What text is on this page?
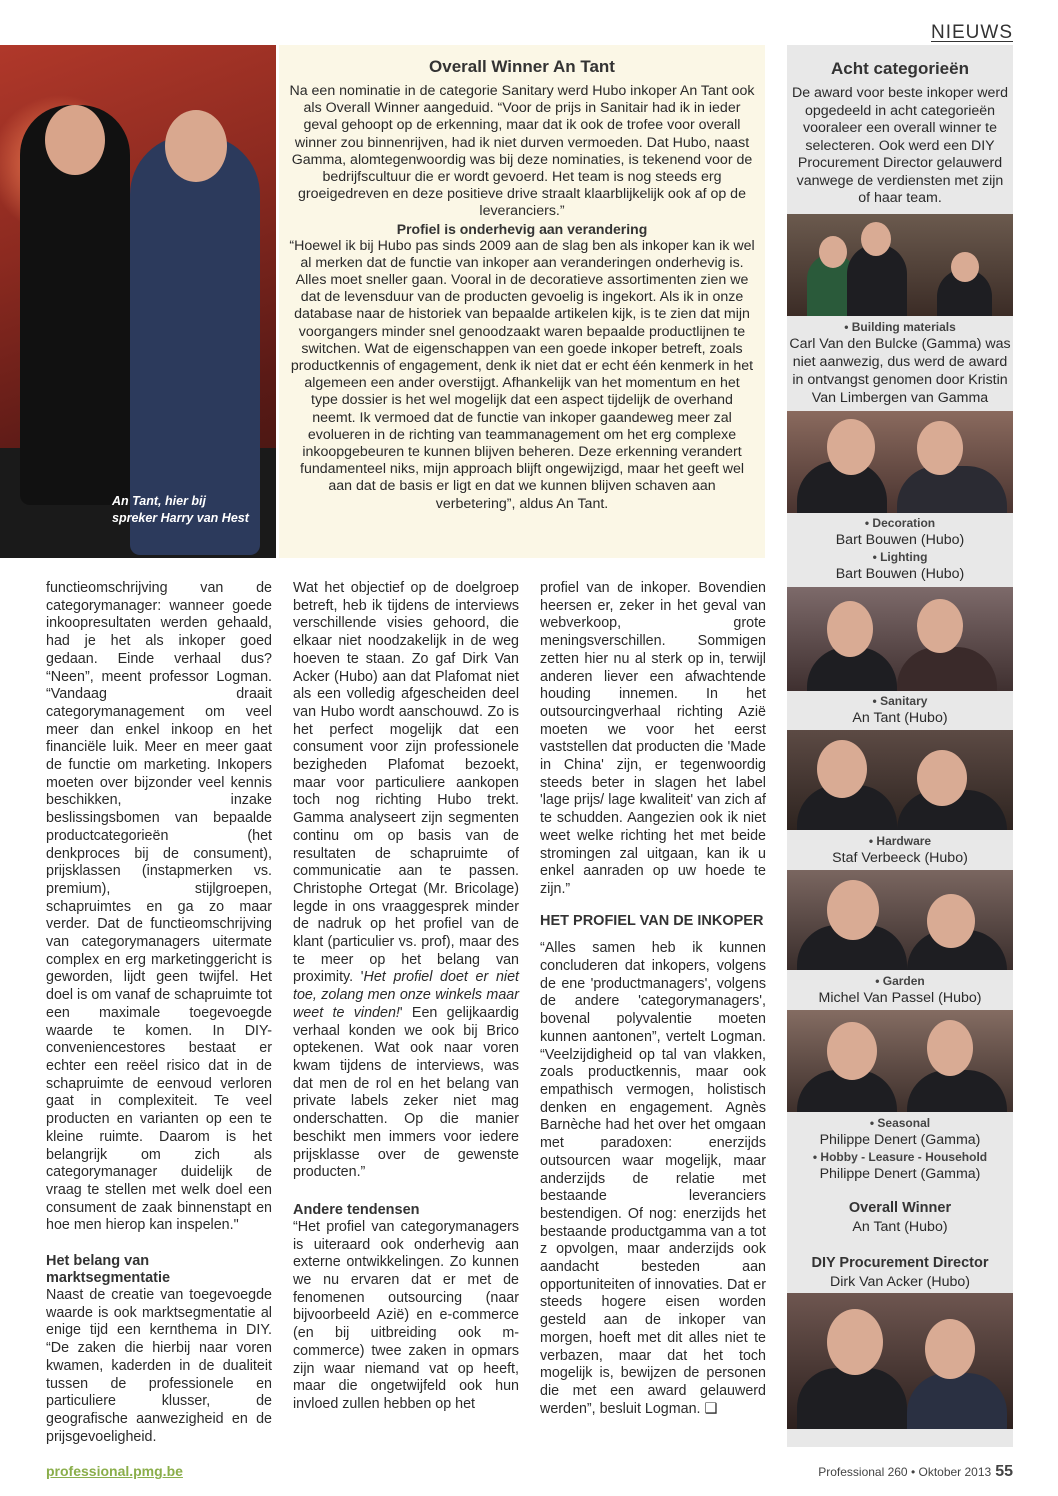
NIEUWS
An Tant, hier bij
spreker Harry van Hest
Overall Winner An Tant

Na een nominatie in de categorie Sanitary werd Hubo inkoper An Tant ook als Overall Winner aangeduid. “Voor de prijs in Sanitair had ik in ieder geval gehoopt op de erkenning, maar dat ik ook de trofee voor overall winner zou binnenrijven, had ik niet durven vermoeden. Dat Hubo, naast Gamma, alomtegenwoordig was bij deze nominaties, is tekenend voor de bedrijfscultuur die er wordt gevoerd. Het team is nog steeds erg groeigedreven en deze positieve drive straalt klaarblijkelijk ook af op de leveranciers.”

Profiel is onderhevig aan verandering

“Hoewel ik bij Hubo pas sinds 2009 aan de slag ben als inkoper kan ik wel al merken dat de functie van inkoper aan veranderingen onderhevig is. Alles moet sneller gaan. Vooral in de decoratieve assortimenten zien we dat de levensduur van de producten gevoelig is ingekort. Als ik in onze database naar de historiek van bepaalde artikelen kijk, is te zien dat mijn voorgangers minder snel genoodzaakt waren bepaalde productlijnen te switchen. Wat de eigenschappen van een goede inkoper betreft, zoals productkennis of engagement, denk ik niet dat er echt één kenmerk in het algemeen een ander overstijgt. Afhankelijk van het momentum en het type dossier is het wel mogelijk dat een aspect tijdelijk de overhand neemt. Ik vermoed dat de functie van inkoper gaandeweg meer zal evolueren in de richting van teammanagement om het erg complexe inkoopgebeuren te kunnen blijven beheren. Deze erkenning verandert fundamenteel niks, mijn approach blijft ongewijzigd, maar het geeft wel aan dat de basis er ligt en dat we kunnen blijven schaven aan verbetering”, aldus An Tant.

Acht categorieën

De award voor beste inkoper werd opgedeeld in acht categorieën vooraleer een overall winner te selecteren. Ook werd een DIY Procurement Director gelauwerd vanwege de verdiensten met zijn of haar team.

• Building materials
Carl Van den Bulcke (Gamma) was niet aanwezig, dus werd de award in ontvangst genomen door Kristin Van Limbergen van Gamma
• Decoration
Bart Bouwen (Hubo)
• Lighting
Bart Bouwen (Hubo)
• Sanitary
An Tant (Hubo)
• Hardware
Staf Verbeeck (Hubo)
• Garden
Michel Van Passel (Hubo)
• Seasonal
Philippe Denert (Gamma)
• Hobby - Leasure - Household
Philippe Denert (Gamma)
Overall Winner
An Tant (Hubo)
DIY Procurement Director
Dirk Van Acker (Hubo)

functieomschrijving van de categorymanager: wanneer goede inkoopresultaten werden gehaald, had je het als inkoper goed gedaan. Einde verhaal dus? “Neen”, meent professor Logman. “Vandaag draait categorymanagement om veel meer dan enkel inkoop en het financiële luik. Meer en meer gaat de functie om marketing. Inkopers moeten over bijzonder veel kennis beschikken, inzake beslissingsbomen van bepaalde productcategorieën (het denkproces bij de consument), prijsklassen (instapmerken vs. premium), stijlgroepen, schapruimtes en ga zo maar verder. Dat de functieomschrijving van categorymanagers uitermate complex en erg marketinggericht is geworden, lijdt geen twijfel. Het doel is om vanaf de schapruimte tot een maximale toegevoegde waarde te komen. In DIY-conveniencestores bestaat er echter een reëel risico dat in de schapruimte de eenvoud verloren gaat in complexiteit. Te veel producten en varianten op een te kleine ruimte. Daarom is het belangrijk om zich als categorymanager duidelijk de vraag te stellen met welk doel een consument de zaak binnenstapt en hoe men hierop kan inspelen."

Het belang van marktsegmentatie

Naast de creatie van toegevoegde waarde is ook marktsegmentatie al enige tijd een kernthema in DIY. “De zaken die hierbij naar voren kwamen, kaderden in de dualiteit tussen de professionele en particuliere klusser, de geografische aanwezigheid en de prijsgevoeligheid.

Wat het objectief op de doelgroep betreft, heb ik tijdens de interviews verschillende visies gehoord, die elkaar niet noodzakelijk in de weg hoeven te staan. Zo gaf Dirk Van Acker (Hubo) aan dat Plafomat niet als een volledig afgescheiden deel van Hubo wordt aanschouwd. Zo is het perfect mogelijk dat een consument voor zijn professionele bezigheden Plafomat bezoekt, maar voor particuliere aankopen toch nog richting Hubo trekt. Gamma analyseert zijn segmenten continu om op basis van de resultaten de schapruimte of communicatie aan te passen. Christophe Ortegat (Mr. Bricolage) legde in ons vraaggesprek minder de nadruk op het profiel van de klant (particulier vs. prof), maar des te meer op het belang van proximity. 'Het profiel doet er niet toe, zolang men onze winkels maar weet te vinden!' Een gelijkaardig verhaal konden we ook bij Brico optekenen. Wat ook naar voren kwam tijdens de interviews, was dat men de rol en het belang van private labels zeker niet mag onderschatten. Op die manier beschikt men immers voor iedere prijsklasse over de gewenste producten.”

Andere tendensen

“Het profiel van categorymanagers is uiteraard ook onderhevig aan externe ontwikkelingen. Zo kunnen we nu ervaren dat er met de fenomenen outsourcing (naar bijvoorbeeld Azië) en e-commerce (en bij uitbreiding ook m-commerce) twee zaken in opmars zijn waar niemand vat op heeft, maar die ongetwijfeld ook hun invloed zullen hebben op het

profiel van de inkoper. Bovendien heersen er, zeker in het geval van webverkoop, grote meningsverschillen. Sommigen zetten hier nu al sterk op in, terwijl anderen liever een afwachtende houding innemen. In het outsourcingverhaal richting Azië moeten we voor het eerst vaststellen dat producten die 'Made in China' zijn, er tegenwoordig steeds beter in slagen het label 'lage prijs/ lage kwaliteit' van zich af te schudden. Aangezien ook ik niet weet welke richting het met beide stromingen zal uitgaan, kan ik u enkel aanraden op uw hoede te zijn.”

HET PROFIEL VAN DE INKOPER

“Alles samen heb ik kunnen concluderen dat inkopers, volgens de ene 'productmanagers', volgens de andere 'categorymanagers', bovenal polyvalentie moeten kunnen aantonen”, vertelt Logman. “Veelzijdigheid op tal van vlakken, zoals productkennis, maar ook empathisch vermogen, holistisch denken en engagement. Agnès Barnèche had het over het omgaan met paradoxen: enerzijds outsourcen waar mogelijk, maar anderzijds de relatie met bestaande leveranciers bestendigen. Of nog: enerzijds het bestaande productgamma van a tot z opvolgen, maar anderzijds ook aandacht besteden aan opportuniteiten of innovaties. Dat er steeds hogere eisen worden gesteld aan de inkoper van morgen, hoeft met dit alles niet te verbazen, maar dat het toch mogelijk is, bewijzen de personen die met een award gelauwerd werden”, besluit Logman. ❑

professional.pmg.be	Professional 260 • Oktober 2013 55
